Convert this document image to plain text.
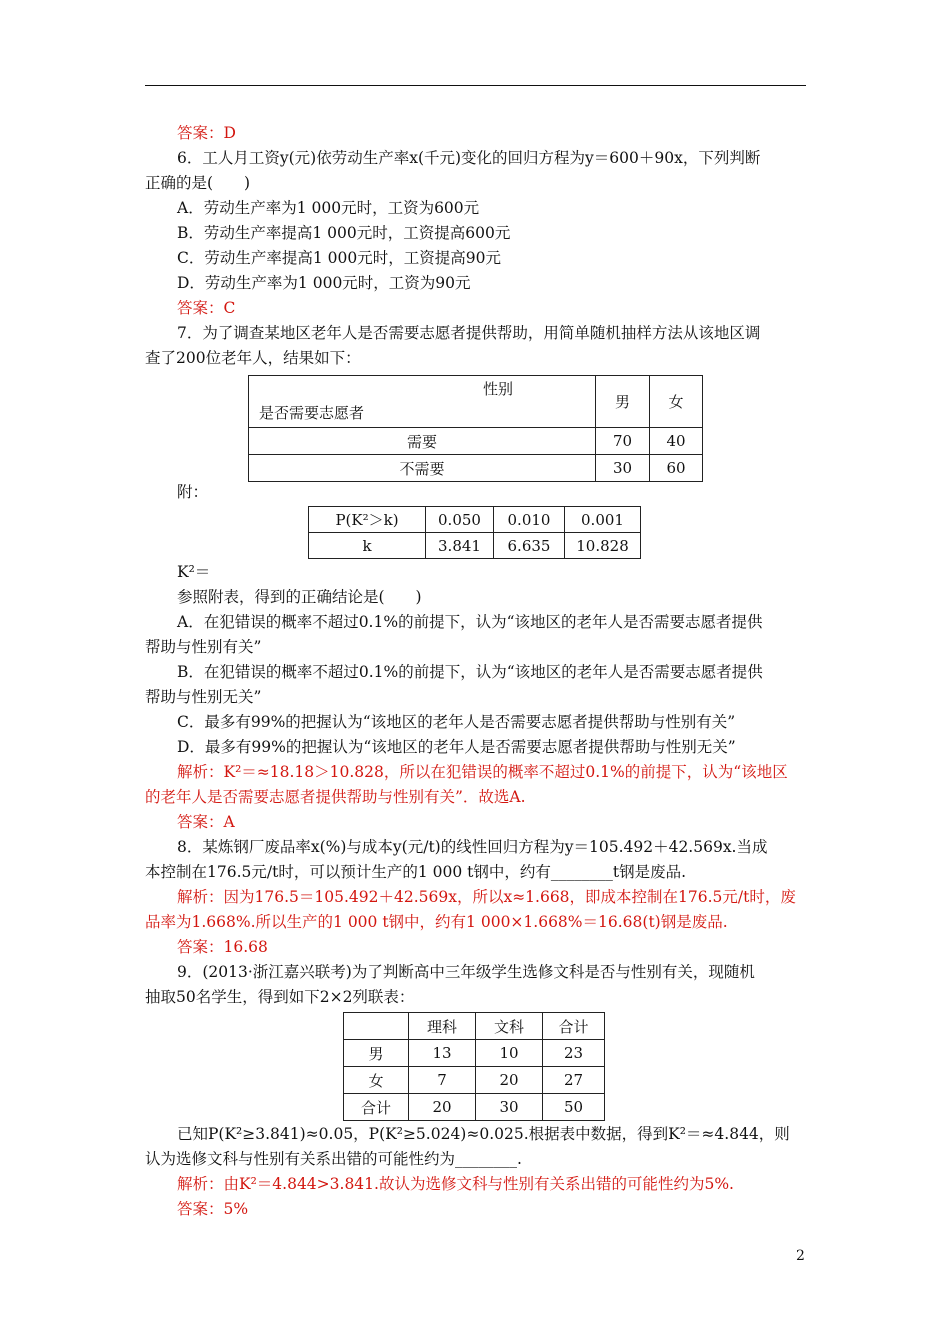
答案：D
6．工人月工资y(元)依劳动生产率x(千元)变化的回归方程为y＝600＋90x，下列判断
正确的是(　　)
A．劳动生产率为1 000元时，工资为600元
B．劳动生产率提高1 000元时，工资提高600元
C．劳动生产率提高1 000元时，工资提高90元
D．劳动生产率为1 000元时，工资为90元
答案：C
7．为了调查某地区老年人是否需要志愿者提供帮助，用简单随机抽样方法从该地区调
查了200位老年人，结果如下：
性别
是否需要志愿者	男	女
需要	70	40
不需要	30	60
附：
P(K²＞k)	0.050	0.010	0.001
k	3.841	6.635	10.828
K²＝
参照附表，得到的正确结论是(　　)
A．在犯错误的概率不超过0.1%的前提下，认为“该地区的老年人是否需要志愿者提供
帮助与性别有关”
B．在犯错误的概率不超过0.1%的前提下，认为“该地区的老年人是否需要志愿者提供
帮助与性别无关”
C．最多有99%的把握认为“该地区的老年人是否需要志愿者提供帮助与性别有关”
D．最多有99%的把握认为“该地区的老年人是否需要志愿者提供帮助与性别无关”
解析：K²＝≈18.18＞10.828，所以在犯错误的概率不超过0.1%的前提下，认为“该地区
的老年人是否需要志愿者提供帮助与性别有关”．故选A.
答案：A
8．某炼钢厂废品率x(%)与成本y(元/t)的线性回归方程为y＝105.492＋42.569x.当成
本控制在176.5元/t时，可以预计生产的1 000 t钢中，约有________t钢是废品.
解析：因为176.5＝105.492＋42.569x，所以x≈1.668，即成本控制在176.5元/t时，废
品率为1.668%.所以生产的1 000 t钢中，约有1 000×1.668%＝16.68(t)钢是废品.
答案：16.68
9．(2013·浙江嘉兴联考)为了判断高中三年级学生选修文科是否与性别有关，现随机
抽取50名学生，得到如下2×2列联表：
	理科	文科	合计
男	13	10	23
女	7	20	27
合计	20	30	50
已知P(K²≥3.841)≈0.05，P(K²≥5.024)≈0.025.根据表中数据，得到K²＝≈4.844，则
认为选修文科与性别有关系出错的可能性约为________.
解析：由K²＝4.844>3.841.故认为选修文科与性别有关系出错的可能性约为5%.
答案：5%
2
